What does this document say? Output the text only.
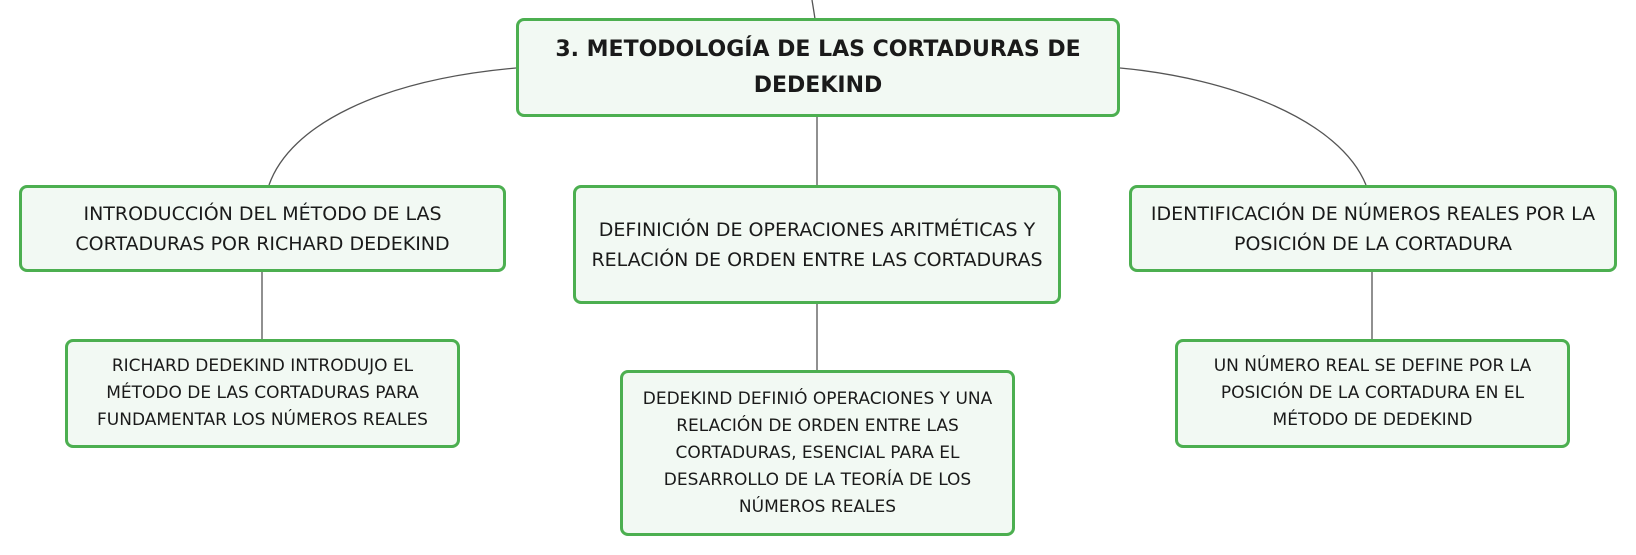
3. METODOLOGÍA DE LAS CORTADURAS DE DEDEKIND
INTRODUCCIÓN DEL MÉTODO DE LAS CORTADURAS POR RICHARD DEDEKIND
DEFINICIÓN DE OPERACIONES ARITMÉTICAS Y RELACIÓN DE ORDEN ENTRE LAS CORTADURAS
IDENTIFICACIÓN DE NÚMEROS REALES POR LA POSICIÓN DE LA CORTADURA
RICHARD DEDEKIND INTRODUJO EL MÉTODO DE LAS CORTADURAS PARA FUNDAMENTAR LOS NÚMEROS REALES
DEDEKIND DEFINIÓ OPERACIONES Y UNA RELACIÓN DE ORDEN ENTRE LAS CORTADURAS, ESENCIAL PARA EL DESARROLLO DE LA TEORÍA DE LOS NÚMEROS REALES
UN NÚMERO REAL SE DEFINE POR LA POSICIÓN DE LA CORTADURA EN EL MÉTODO DE DEDEKIND
